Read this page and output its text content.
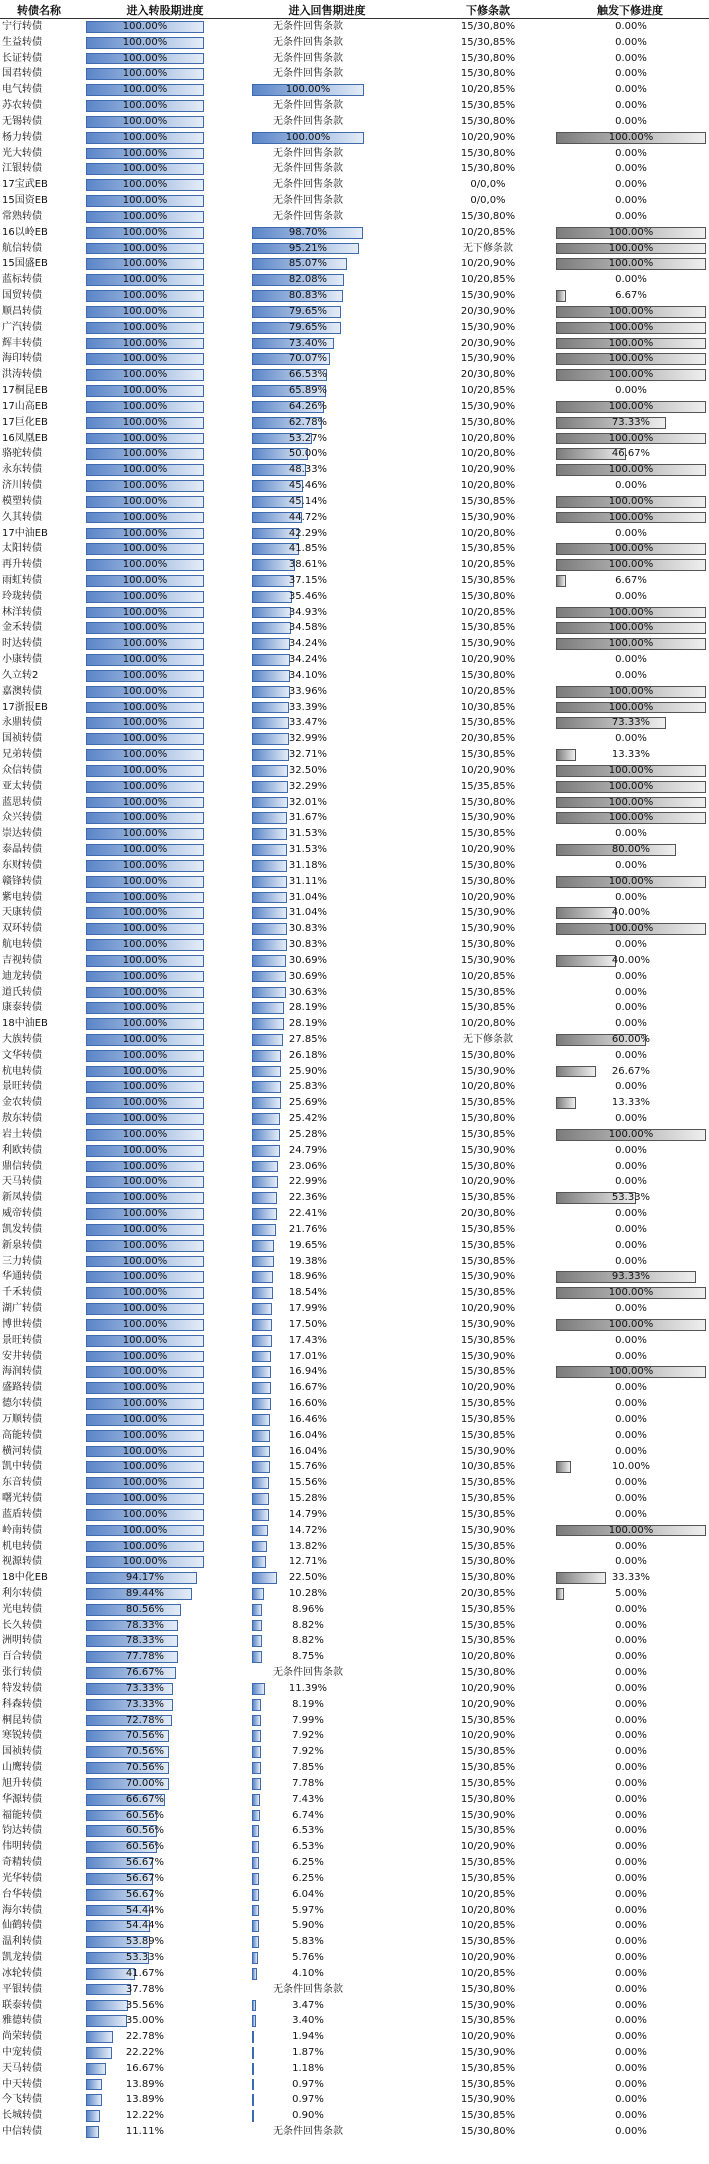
转债名称	进入转股期进度	进入回售期进度	下修条款	触发下修进度
宁行转债	100.00%	无条件回售条款	15/30,80%	0.00%
生益转债	100.00%	无条件回售条款	15/30,85%	0.00%
长证转债	100.00%	无条件回售条款	15/30,80%	0.00%
国君转债	100.00%	无条件回售条款	15/30,80%	0.00%
电气转债	100.00%	100.00%	10/20,85%	0.00%
苏农转债	100.00%	无条件回售条款	15/30,85%	0.00%
无锡转债	100.00%	无条件回售条款	15/30,80%	0.00%
杨力转债	100.00%	100.00%	10/20,90%	100.00%
光大转债	100.00%	无条件回售条款	15/30,80%	0.00%
江银转债	100.00%	无条件回售条款	15/30,80%	0.00%
17宝武EB	100.00%	无条件回售条款	0/0,0%	0.00%
15国资EB	100.00%	无条件回售条款	0/0,0%	0.00%
常熟转债	100.00%	无条件回售条款	15/30,80%	0.00%
16以岭EB	100.00%	98.70%	10/20,85%	100.00%
航信转债	100.00%	95.21%	无下修条款	100.00%
15国盛EB	100.00%	85.07%	10/20,90%	100.00%
蓝标转债	100.00%	82.08%	10/20,85%	0.00%
国贸转债	100.00%	80.83%	15/30,90%	6.67%
顺昌转债	100.00%	79.65%	20/30,90%	100.00%
广汽转债	100.00%	79.65%	15/30,90%	100.00%
辉丰转债	100.00%	73.40%	20/30,90%	100.00%
海印转债	100.00%	70.07%	15/30,90%	100.00%
洪涛转债	100.00%	66.53%	20/30,80%	100.00%
17桐昆EB	100.00%	65.89%	10/20,85%	0.00%
17山高EB	100.00%	64.26%	15/30,90%	100.00%
17巨化EB	100.00%	62.78%	15/30,80%	73.33%
16凤凰EB	100.00%	53.27%	10/20,80%	100.00%
骆驼转债	100.00%	50.00%	10/20,80%	46.67%
永东转债	100.00%	48.33%	10/20,90%	100.00%
济川转债	100.00%	45.46%	10/20,80%	0.00%
模塑转债	100.00%	45.14%	15/30,85%	100.00%
久其转债	100.00%	44.72%	15/30,90%	100.00%
17中油EB	100.00%	42.29%	10/20,80%	0.00%
太阳转债	100.00%	41.85%	15/30,85%	100.00%
再升转债	100.00%	38.61%	10/20,85%	100.00%
雨虹转债	100.00%	37.15%	15/30,85%	6.67%
玲珑转债	100.00%	35.46%	15/30,80%	0.00%
林洋转债	100.00%	34.93%	10/20,85%	100.00%
金禾转债	100.00%	34.58%	15/30,85%	100.00%
时达转债	100.00%	34.24%	15/30,90%	100.00%
小康转债	100.00%	34.24%	10/20,90%	0.00%
久立转2	100.00%	34.10%	15/30,80%	0.00%
嘉澳转债	100.00%	33.96%	10/20,85%	100.00%
17浙报EB	100.00%	33.39%	10/30,85%	100.00%
永鼎转债	100.00%	33.47%	15/30,85%	73.33%
国祯转债	100.00%	32.99%	20/30,85%	0.00%
兄弟转债	100.00%	32.71%	15/30,85%	13.33%
众信转债	100.00%	32.50%	10/20,90%	100.00%
亚太转债	100.00%	32.29%	15/35,85%	100.00%
蓝思转债	100.00%	32.01%	15/30,80%	100.00%
众兴转债	100.00%	31.67%	15/30,90%	100.00%
崇达转债	100.00%	31.53%	15/30,85%	0.00%
泰晶转债	100.00%	31.53%	10/20,90%	80.00%
东财转债	100.00%	31.18%	15/30,80%	0.00%
赣锋转债	100.00%	31.11%	15/30,80%	100.00%
紫电转债	100.00%	31.04%	10/20,90%	0.00%
天康转债	100.00%	31.04%	15/30,90%	40.00%
双环转债	100.00%	30.83%	15/30,90%	100.00%
航电转债	100.00%	30.83%	15/30,80%	0.00%
吉视转债	100.00%	30.69%	15/30,90%	40.00%
迪龙转债	100.00%	30.69%	10/20,85%	0.00%
道氏转债	100.00%	30.63%	15/30,85%	0.00%
康泰转债	100.00%	28.19%	15/30,85%	0.00%
18中油EB	100.00%	28.19%	10/20,80%	0.00%
大族转债	100.00%	27.85%	无下修条款	60.00%
文华转债	100.00%	26.18%	15/30,80%	0.00%
杭电转债	100.00%	25.90%	15/30,90%	26.67%
景旺转债	100.00%	25.83%	10/20,80%	0.00%
金农转债	100.00%	25.69%	15/30,85%	13.33%
敖东转债	100.00%	25.42%	15/30,80%	0.00%
岩土转债	100.00%	25.28%	15/30,85%	100.00%
利欧转债	100.00%	24.79%	15/30,90%	0.00%
鼎信转债	100.00%	23.06%	15/30,80%	0.00%
天马转债	100.00%	22.99%	10/20,90%	0.00%
新凤转债	100.00%	22.36%	15/30,85%	53.33%
威帝转债	100.00%	22.41%	20/30,80%	0.00%
凯发转债	100.00%	21.76%	15/30,85%	0.00%
新泉转债	100.00%	19.65%	15/30,85%	0.00%
三力转债	100.00%	19.38%	15/30,85%	0.00%
华通转债	100.00%	18.96%	15/30,90%	93.33%
千禾转债	100.00%	18.54%	15/30,85%	100.00%
湖广转债	100.00%	17.99%	10/20,90%	0.00%
博世转债	100.00%	17.50%	15/30,90%	100.00%
景旺转债	100.00%	17.43%	15/30,85%	0.00%
安井转债	100.00%	17.01%	15/30,90%	0.00%
海润转债	100.00%	16.94%	15/30,85%	100.00%
盛路转债	100.00%	16.67%	10/20,90%	0.00%
德尔转债	100.00%	16.60%	15/30,85%	0.00%
万顺转债	100.00%	16.46%	15/30,85%	0.00%
高能转债	100.00%	16.04%	15/30,85%	0.00%
横河转债	100.00%	16.04%	15/30,90%	0.00%
凯中转债	100.00%	15.76%	10/30,85%	10.00%
东音转债	100.00%	15.56%	15/30,85%	0.00%
曙光转债	100.00%	15.28%	15/30,85%	0.00%
蓝盾转债	100.00%	14.79%	15/30,85%	0.00%
岭南转债	100.00%	14.72%	15/30,90%	100.00%
机电转债	100.00%	13.82%	15/30,85%	0.00%
视源转债	100.00%	12.71%	15/30,80%	0.00%
18中化EB	94.17%	22.50%	15/30,80%	33.33%
利尔转债	89.44%	10.28%	20/30,85%	5.00%
光电转债	80.56%	8.96%	15/30,85%	0.00%
长久转债	78.33%	8.82%	15/30,85%	0.00%
洲明转债	78.33%	8.82%	15/30,85%	0.00%
百合转债	77.78%	8.75%	10/20,80%	0.00%
张行转债	76.67%	无条件回售条款	15/30,80%	0.00%
特发转债	73.33%	11.39%	10/20,90%	0.00%
科森转债	73.33%	8.19%	10/20,90%	0.00%
桐昆转债	72.78%	7.99%	15/30,85%	0.00%
寒锐转债	70.56%	7.92%	10/20,90%	0.00%
国祯转债	70.56%	7.92%	15/30,85%	0.00%
山鹰转债	70.56%	7.85%	15/30,85%	0.00%
旭升转债	70.00%	7.78%	15/30,85%	0.00%
华源转债	66.67%	7.43%	15/30,80%	0.00%
福能转债	60.56%	6.74%	15/30,90%	0.00%
钧达转债	60.56%	6.53%	15/30,85%	0.00%
伟明转债	60.56%	6.53%	10/20,90%	0.00%
奇精转债	56.67%	6.25%	15/30,85%	0.00%
光华转债	56.67%	6.25%	15/30,85%	0.00%
台华转债	56.67%	6.04%	10/20,85%	0.00%
海尔转债	54.44%	5.97%	10/20,80%	0.00%
仙鹤转债	54.44%	5.90%	10/20,85%	0.00%
温利转债	53.89%	5.83%	15/30,85%	0.00%
凯龙转债	53.33%	5.76%	10/20,90%	0.00%
冰轮转债	41.67%	4.10%	10/20,85%	0.00%
平银转债	37.78%	无条件回售条款	15/30,80%	0.00%
联泰转债	35.56%	3.47%	15/30,90%	0.00%
雅德转债	35.00%	3.40%	15/30,85%	0.00%
尚荣转债	22.78%	1.94%	10/20,90%	0.00%
中宠转债	22.22%	1.87%	15/30,90%	0.00%
天马转债	16.67%	1.18%	15/30,85%	0.00%
中天转债	13.89%	0.97%	15/30,85%	0.00%
今飞转债	13.89%	0.97%	15/30,90%	0.00%
长城转债	12.22%	0.90%	15/30,85%	0.00%
中信转债	11.11%	无条件回售条款	15/30,80%	0.00%
